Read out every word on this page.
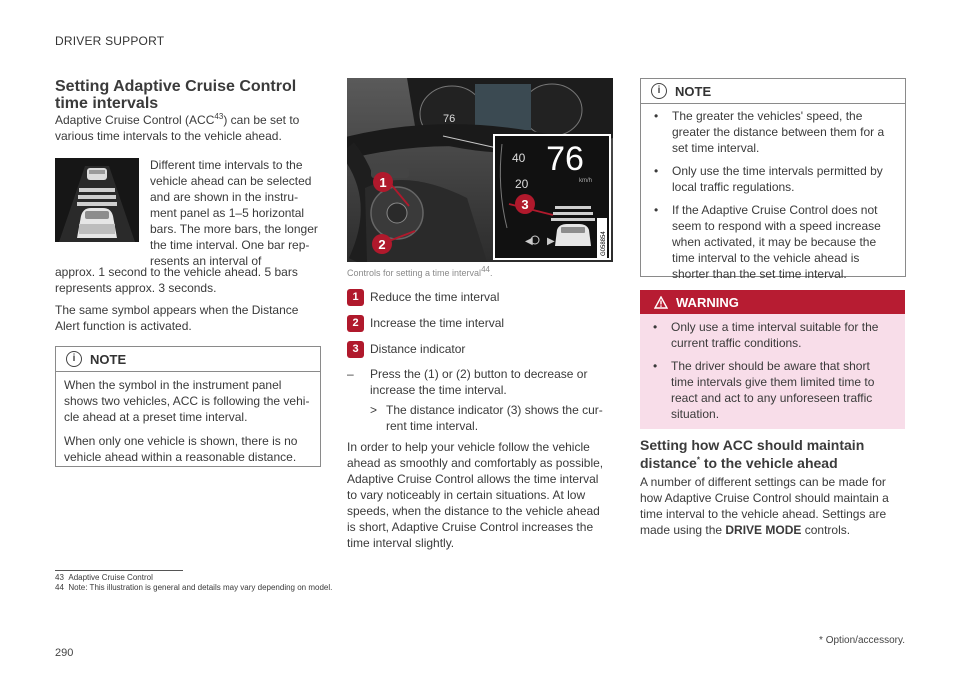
DRIVER SUPPORT
Setting Adaptive Cruise Control time intervals
Adaptive Cruise Control (ACC$^{43}$) can be set to various time intervals to the vehicle ahead.
Different time intervals to the
vehicle ahead can be selected
and are shown in the instru-
ment panel as 1–5 horizontal
bars. The more bars, the longer
the time interval. One bar rep-
resents an interval of
approx. 1 second to the vehicle ahead. 5 bars
represents approx. 3 seconds.
The same symbol appears when the Distance
Alert function is activated.
i	NOTE
When the symbol in the instrument panel
shows two vehicles, ACC is following the vehi-
cle ahead at a preset time interval.
When only one vehicle is shown, there is no
vehicle ahead within a reasonable distance.
1
2
76
76
km/h
40
20
◀ ▶
3
G058854
Controls for setting a time interval$^{44}$.
1 Reduce the time interval
2 Increase the time interval
3 Distance indicator
– Press the (1) or (2) button to decrease or
increase the time interval.
> The distance indicator (3) shows the cur-
rent time interval.
In order to help your vehicle follow the vehicle
ahead as smoothly and comfortably as possible,
Adaptive Cruise Control allows the time interval
to vary noticeably in certain situations. At low
speeds, when the distance to the vehicle ahead
is short, Adaptive Cruise Control increases the
time interval slightly.
i	NOTE
• The greater the vehicles' speed, the
greater the distance between them for a
set time interval.
• Only use the time intervals permitted by
local traffic regulations.
• If the Adaptive Cruise Control does not
seem to respond with a speed increase
when activated, it may be because the
time interval to the vehicle ahead is
shorter than the set time interval.
WARNING
• Only use a time interval suitable for the
current traffic conditions.
• The driver should be aware that short
time intervals give them limited time to
react and act to any unforeseen traffic
situation.
Setting how ACC should maintain
distance* to the vehicle ahead
A number of different settings can be made for
how Adaptive Cruise Control should maintain a
time interval to the vehicle ahead. Settings are
made using the DRIVE MODE controls.
43 Adaptive Cruise Control
44 Note: This illustration is general and details may vary depending on model.
* Option/accessory.
290
